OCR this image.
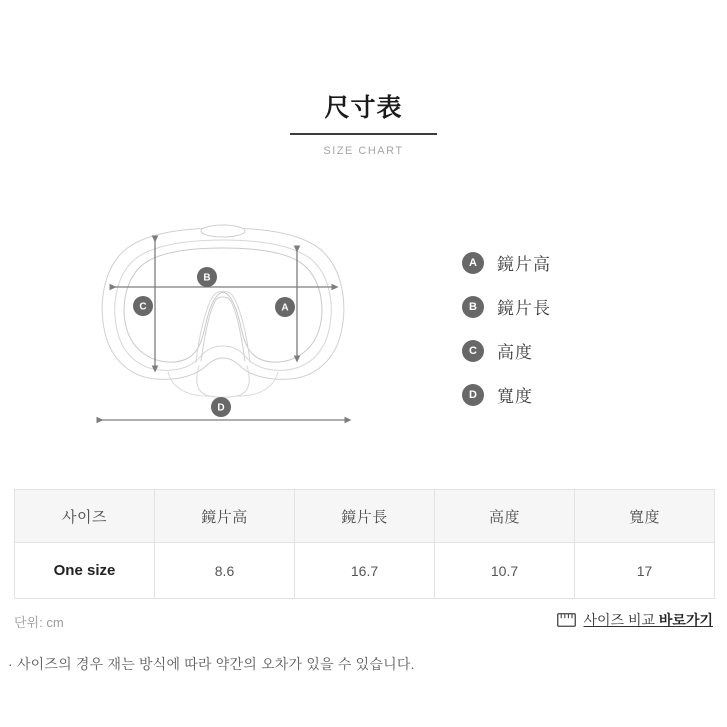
尺寸表
SIZE CHART
A
B
C
D
A	鏡片高
B	鏡片長
C	高度
D	寬度
사이즈	鏡片高	鏡片長	高度	寬度
One size	8.6	16.7	10.7	17
단위: cm	사이즈 비교 바로가기
· 사이즈의 경우 재는 방식에 따라 약간의 오차가 있을 수 있습니다.
